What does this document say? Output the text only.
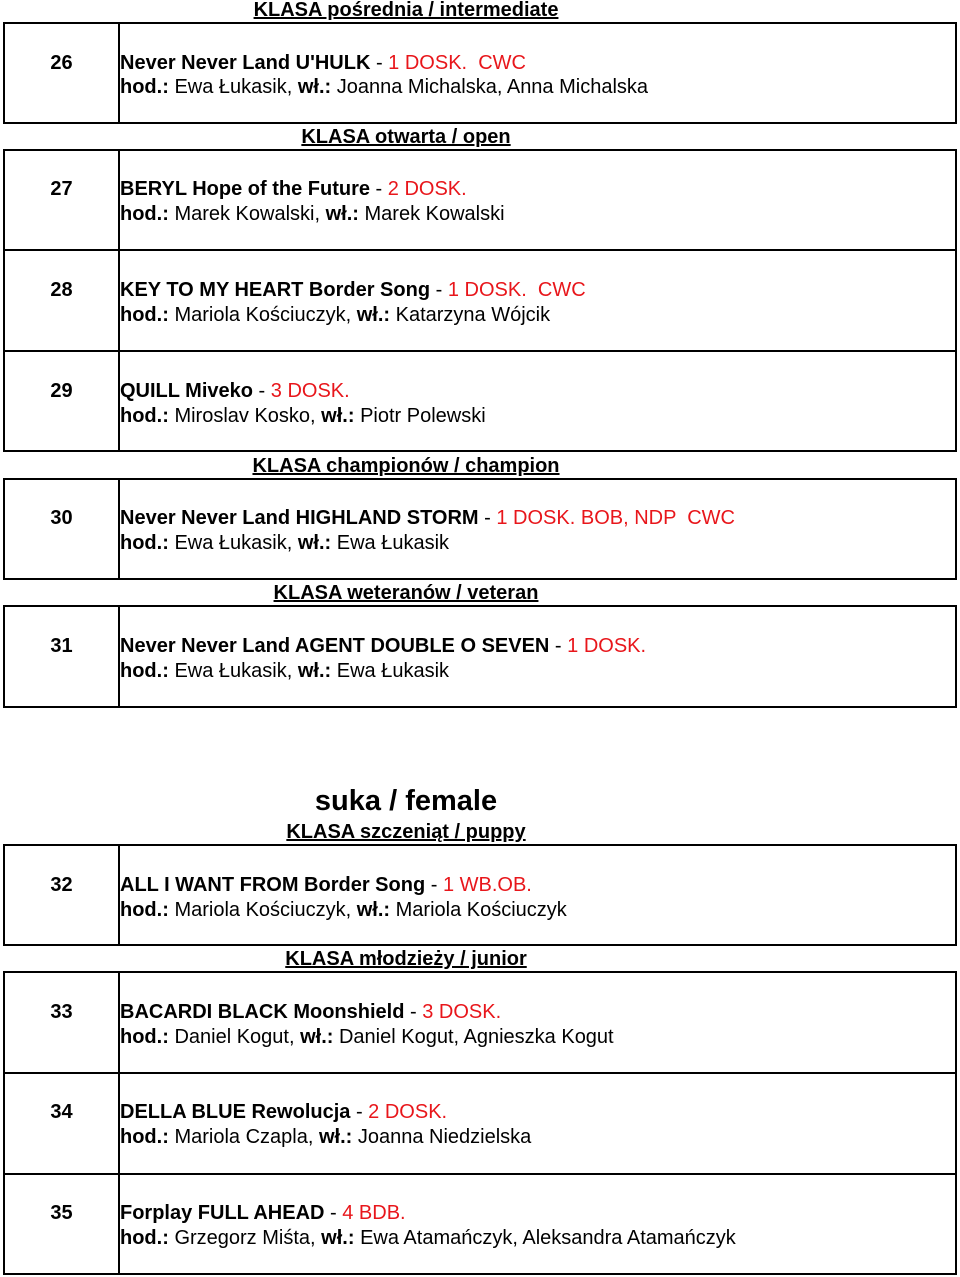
KLASA pośrednia / intermediate
26	Never Never Land U'HULK - 1 DOSK. CWC
hod.: Ewa Łukasik, wł.: Joanna Michalska, Anna Michalska
KLASA otwarta / open
27	BERYL Hope of the Future - 2 DOSK.
hod.: Marek Kowalski, wł.: Marek Kowalski
28	KEY TO MY HEART Border Song - 1 DOSK. CWC
hod.: Mariola Kościuczyk, wł.: Katarzyna Wójcik
29	QUILL Miveko - 3 DOSK.
hod.: Miroslav Kosko, wł.: Piotr Polewski
KLASA championów / champion
30	Never Never Land HIGHLAND STORM - 1 DOSK. BOB, NDP  CWC
hod.: Ewa Łukasik, wł.: Ewa Łukasik
KLASA weteranów / veteran
31	Never Never Land AGENT DOUBLE O SEVEN - 1 DOSK.
hod.: Ewa Łukasik, wł.: Ewa Łukasik
suka / female
KLASA szczeniąt / puppy
32	ALL I WANT FROM Border Song - 1 WB.OB.
hod.: Mariola Kościuczyk, wł.: Mariola Kościuczyk
KLASA młodzieży / junior
33	BACARDI BLACK Moonshield - 3 DOSK.
hod.: Daniel Kogut, wł.: Daniel Kogut, Agnieszka Kogut
34	DELLA BLUE Rewolucja - 2 DOSK.
hod.: Mariola Czapla, wł.: Joanna Niedzielska
35	Forplay FULL AHEAD - 4 BDB.
hod.: Grzegorz Miśta, wł.: Ewa Atamańczyk, Aleksandra Atamańczyk
